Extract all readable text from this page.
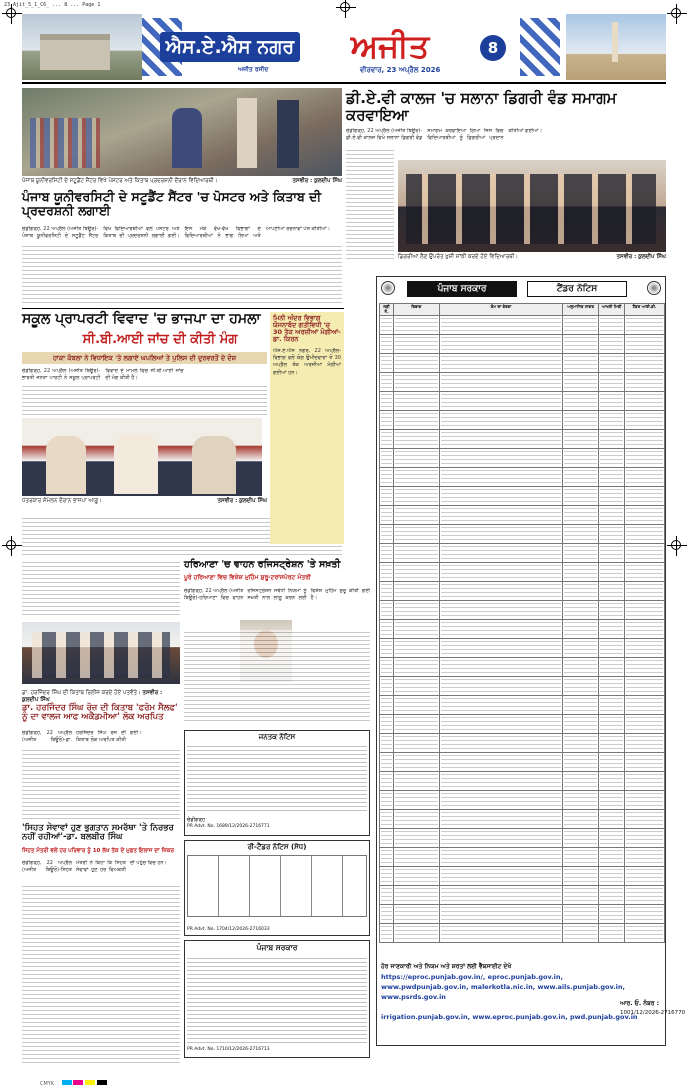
23_Ajit_5_1_C6_ ... 8 ... Page 1
ਐਸ.ਏ.ਐਸ ਨਗਰ	ਅਜੀਤ	8
ਅਜੀਤ ਰਸੀਦ	ਵੀਰਵਾਰ, 23 ਅਪ੍ਰੈਲ 2026
ਪੰਜਾਬ ਯੂਨੀਵਰਸਿਟੀ ਦੇ ਸਟੂਡੈਂਟ ਸੈਂਟਰ ਵਿਖੇ ਪੋਸਟਰ ਅਤੇ ਕਿਤਾਬ ਪ੍ਰਦਰਸ਼ਨੀ ਦੌਰਾਨ ਵਿਦਿਆਰਥੀ।	ਤਸਵੀਰ : ਕੁਲਦੀਪ ਸਿੰਘ
ਪੰਜਾਬ ਯੂਨੀਵਰਸਿਟੀ ਦੇ ਸਟੂਡੈਂਟ ਸੈਂਟਰ 'ਚ ਪੋਸਟਰ ਅਤੇ ਕਿਤਾਬ ਦੀ ਪ੍ਰਦਰਸ਼ਨੀ ਲਗਾਈ
ਚੰਡੀਗੜ੍ਹ, 22 ਅਪ੍ਰੈਲ (ਅਜੀਤ ਬਿਊਰੋ)-ਪੰਜਾਬ ਯੂਨੀਵਰਸਿਟੀ ਦੇ ਸਟੂਡੈਂਟ ਸੈਂਟਰ ਵਿਖੇ ਵਿਦਿਆਰਥੀਆਂ ਵਲੋਂ ਪੋਸਟਰ ਅਤੇ ਕਿਤਾਬ ਦੀ ਪ੍ਰਦਰਸ਼ਨੀ ਲਗਾਈ ਗਈ। ਇਸ ਮੌਕੇ ਵੱਖ-ਵੱਖ ਵਿਭਾਗਾਂ ਦੇ ਵਿਦਿਆਰਥੀਆਂ ਨੇ ਭਾਗ ਲਿਆ ਅਤੇ ਆਪਣੀਆਂ ਰਚਨਾਵਾਂ ਪੇਸ਼ ਕੀਤੀਆਂ।
ਡੀ.ਏ.ਵੀ ਕਾਲਜ 'ਚ ਸਲਾਨਾ ਡਿਗਰੀ ਵੰਡ ਸਮਾਗਮ ਕਰਵਾਇਆ
ਚੰਡੀਗੜ੍ਹ, 22 ਅਪ੍ਰੈਲ (ਅਜੀਤ ਬਿਊਰੋ)-ਡੀ.ਏ.ਵੀ ਕਾਲਜ ਵਿਖੇ ਸਲਾਨਾ ਡਿਗਰੀ ਵੰਡ ਸਮਾਗਮ ਕਰਵਾਇਆ ਗਿਆ ਜਿਸ ਵਿਚ ਵਿਦਿਆਰਥੀਆਂ ਨੂੰ ਡਿਗਰੀਆਂ ਪ੍ਰਦਾਨ ਕੀਤੀਆਂ ਗਈਆਂ।
ਡਿਗਰੀਆਂ ਲੈਣ ਉਪਰੰਤ ਖੁਸ਼ੀ ਸਾਂਝੀ ਕਰਦੇ ਹੋਏ ਵਿਦਿਆਰਥੀ।	ਤਸਵੀਰ : ਕੁਲਦੀਪ ਸਿੰਘ
ਪੰਜਾਬ ਸਰਕਾਰ	ਟੈਂਡਰ ਨੋਟਿਸ
ਲੜੀ ਨੰ.	ਵਿਭਾਗ	ਕੰਮ ਦਾ ਵੇਰਵਾ	ਅਨੁਮਾਨਿਤ ਲਾਗਤ	ਆਖਰੀ ਮਿਤੀ	ਟੈਂਡਰ ਆਈ.ਡੀ.

ਹੋਰ ਜਾਣਕਾਰੀ ਅਤੇ ਨਿਯਮ ਅਤੇ ਸ਼ਰਤਾਂ ਲਈ ਵੈੱਬਸਾਈਟ ਦੇਖੋ
https://eproc.punjab.gov.in/, eproc.punjab.gov.in,
www.pwdpunjab.gov.in, malerkotla.nic.in, www.ails.punjab.gov.in,
www.psrds.gov.in
irrigation.punjab.gov.in, www.eproc.punjab.gov.in, pwd.punjab.gov.in
ਆਰ. ਓ. ਨੰਬਰ :
1001/12/2026-2716770
ਸਕੂਲ ਪ੍ਰਾਪਰਟੀ ਵਿਵਾਦ 'ਚ ਭਾਜਪਾ ਦਾ ਹਮਲਾ
ਸੀ.ਬੀ.ਆਈ ਜਾਂਚ ਦੀ ਕੀਤੀ ਮੰਗ
ਹਾਕਾ ਕੰਬਲਾ ਨੇ ਵਿਧਾਇਕ 'ਤੇ ਲਗਾਏ ਘਪਲਿਆਂ ਤੇ ਪੁਲਿਸ ਦੀ ਦੁਰਵਰਤੋਂ ਦੇ ਦੋਸ਼
ਚੰਡੀਗੜ੍ਹ, 22 ਅਪ੍ਰੈਲ (ਅਜੀਤ ਬਿਊਰੋ)-ਭਾਰਤੀ ਜਨਤਾ ਪਾਰਟੀ ਨੇ ਸਕੂਲ ਪ੍ਰਾਪਰਟੀ ਵਿਵਾਦ ਦੇ ਮਾਮਲੇ ਵਿਚ ਸੀ.ਬੀ.ਆਈ ਜਾਂਚ ਦੀ ਮੰਗ ਕੀਤੀ ਹੈ।
ਪੱਤਰਕਾਰ ਸੰਮੇਲਨ ਦੌਰਾਨ ਭਾਜਪਾ ਆਗੂ।	ਤਸਵੀਰ : ਕੁਲਦੀਪ ਸਿੰਘ
ਮਿਨੀ ਅੰਦਰ ਵਿਭਾਗ ਯੋਜਨਾਬੰਦ ਗਤੀਵਿਧੀ 'ਚ 30 ਤੱਕ ਅਰਜ਼ੀਆਂ ਮੰਗੀਆਂ-ਡਾ. ਕਿਰਨ
ਐਸ.ਏ.ਐਸ ਨਗਰ, 22 ਅਪ੍ਰੈਲ-ਵਿਭਾਗ ਵਲੋਂ ਯੋਗ ਉਮੀਦਵਾਰਾਂ ਤੋਂ 30 ਅਪ੍ਰੈਲ ਤੱਕ ਅਰਜ਼ੀਆਂ ਮੰਗੀਆਂ ਗਈਆਂ ਹਨ।
ਹਰਿਆਣਾ 'ਚ ਵਾਹਨ ਰਜਿਸਟ੍ਰੇਸ਼ਨ 'ਤੇ ਸਖ਼ਤੀ
ਪੂਰੇ ਹਰਿਆਣਾ ਵਿਚ ਵਿਸ਼ੇਸ਼ ਮੁਹਿੰਮ ਸ਼ੁਰੂ-ਟਰਾਂਸਪੋਰਟ ਮੰਤਰੀ
ਚੰਡੀਗੜ੍ਹ, 22 ਅਪ੍ਰੈਲ (ਅਜੀਤ ਬਿਊਰੋ)-ਹਰਿਆਣਾ ਵਿਚ ਵਾਹਨ ਰਜਿਸਟ੍ਰੇਸ਼ਨ ਸਬੰਧੀ ਨਿਯਮਾਂ ਨੂੰ ਸਖ਼ਤੀ ਨਾਲ ਲਾਗੂ ਕਰਨ ਲਈ ਵਿਸ਼ੇਸ਼ ਮੁਹਿੰਮ ਸ਼ੁਰੂ ਕੀਤੀ ਗਈ ਹੈ।
ਡਾ. ਹਰਜਿੰਦਰ ਸਿੰਘ ਦੀ ਕਿਤਾਬ ਰਿਲੀਜ਼ ਕਰਦੇ ਹੋਏ ਪਤਵੰਤੇ। ਤਸਵੀਰ : ਕੁਲਦੀਪ ਸਿੰਘ
ਡਾ. ਹਰਜਿੰਦਰ ਸਿੰਘ ਰੋਜ਼ ਦੀ ਕਿਤਾਬ 'ਫਰੋਮ ਸੈਲਫ' ਨੂੰ ਦਾ ਵਾਲਜ ਆਫ ਅਕੈਡਮੀਆ' ਲੋਕ ਅਰਪਿਤ
ਚੰਡੀਗੜ੍ਹ, 22 ਅਪ੍ਰੈਲ (ਅਜੀਤ ਬਿਊਰੋ)-ਡਾ. ਹਰਜਿੰਦਰ ਸਿੰਘ ਰੋਜ਼ ਦੀ ਕਿਤਾਬ ਲੋਕ ਅਰਪਿਤ ਕੀਤੀ ਗਈ।
'ਸਿਹਤ ਸੇਵਾਵਾਂ ਹੁਣ ਭੁਗਤਾਨ ਸਮਰੱਥਾ 'ਤੇ ਨਿਰਭਰ ਨਹੀਂ ਰਹੀਆਂ'-ਡਾ. ਬਲਬੀਰ ਸਿੰਘ
ਸਿਹਤ ਮੰਤਰੀ ਵਲੋਂ ਹਰ ਪਰਿਵਾਰ ਨੂੰ 10 ਲੱਖ ਤੱਕ ਦੇ ਮੁਫ਼ਤ ਇਲਾਜ ਦਾ ਜ਼ਿਕਰ
ਚੰਡੀਗੜ੍ਹ, 22 ਅਪ੍ਰੈਲ (ਅਜੀਤ ਬਿਊਰੋ)-ਸਿਹਤ ਮੰਤਰੀ ਨੇ ਕਿਹਾ ਕਿ ਸਿਹਤ ਸੇਵਾਵਾਂ ਹੁਣ ਹਰ ਵਿਅਕਤੀ ਦੀ ਪਹੁੰਚ ਵਿਚ ਹਨ।
ਜਨਤਕ ਨੋਟਿਸ
ਚੰਡੀਗੜ੍ਹ
PR Advt. No. 1689/12/2026-2716771
ਰੀ-ਟੈਂਡਰ ਨੋਟਿਸ (ਸੋਧ)
PR Advt. No. 1704/12/2026-2716033
ਪੰਜਾਬ ਸਰਕਾਰ
PR Advt. No. 1710/12/2026-2716713
CMYK
